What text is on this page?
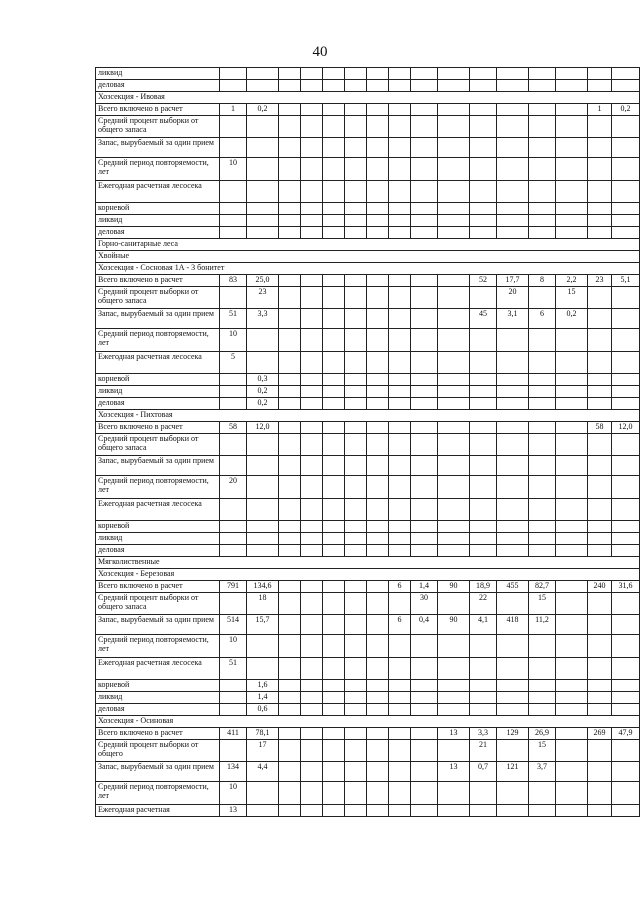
40
ликвид																
деловая																
Хозсекция - Ивовая																
Всего включено в расчет	1	0,2													1	0,2
Средний процент выборки от общего запаса																
Запас, вырубаемый за один прием																
Средний период повторяемости, лет	10															
Ежегодная расчетная лесосека																
корневой																
ликвид																
деловая																
Горно-санитарные леса																
Хвойные																
Хозсекция - Сосновая 1А - 3 бонитет																
Всего включено в расчет	83	25,0									52	17,7	8	2,2	23	5,1
Средний процент выборки от общего запаса		23										20		15		
Запас, вырубаемый за один прием	51	3,3									45	3,1	6	0,2		
Средний период повторяемости, лет	10															
Ежегодная расчетная лесосека	5															
корневой		0,3														
ликвид		0,2														
деловая		0,2														
Хозсекция - Пихтовая																
Всего включено в расчет	58	12,0													58	12,0
Средний процент выборки от общего запаса																
Запас, вырубаемый за один прием																
Средний период повторяемости, лет	20															
Ежегодная расчетная лесосека																
корневой																
ликвид																
деловая																
Мягколиственные																
Хозсекция - Березовая																
Всего включено в расчет	791	134,6						6	1,4	90	18,9	455	82,7		240	31,6
Средний процент выборки от общего запаса		18							30		22		15			
Запас, вырубаемый за один прием	514	15,7						6	0,4	90	4,1	418	11,2			
Средний период повторяемости, лет	10															
Ежегодная расчетная лесосека	51															
корневой		1,6														
ликвид		1,4														
деловая		0,6														
Хозсекция - Осиновая																
Всего включено в расчет	411	78,1								13	3,3	129	26,9		269	47,9
Средний процент выборки от общего		17									21		15			
Запас, вырубаемый за один прием	134	4,4								13	0,7	121	3,7			
Средний период повторяемости, лет	10															
Ежегодная расчетная	13															
